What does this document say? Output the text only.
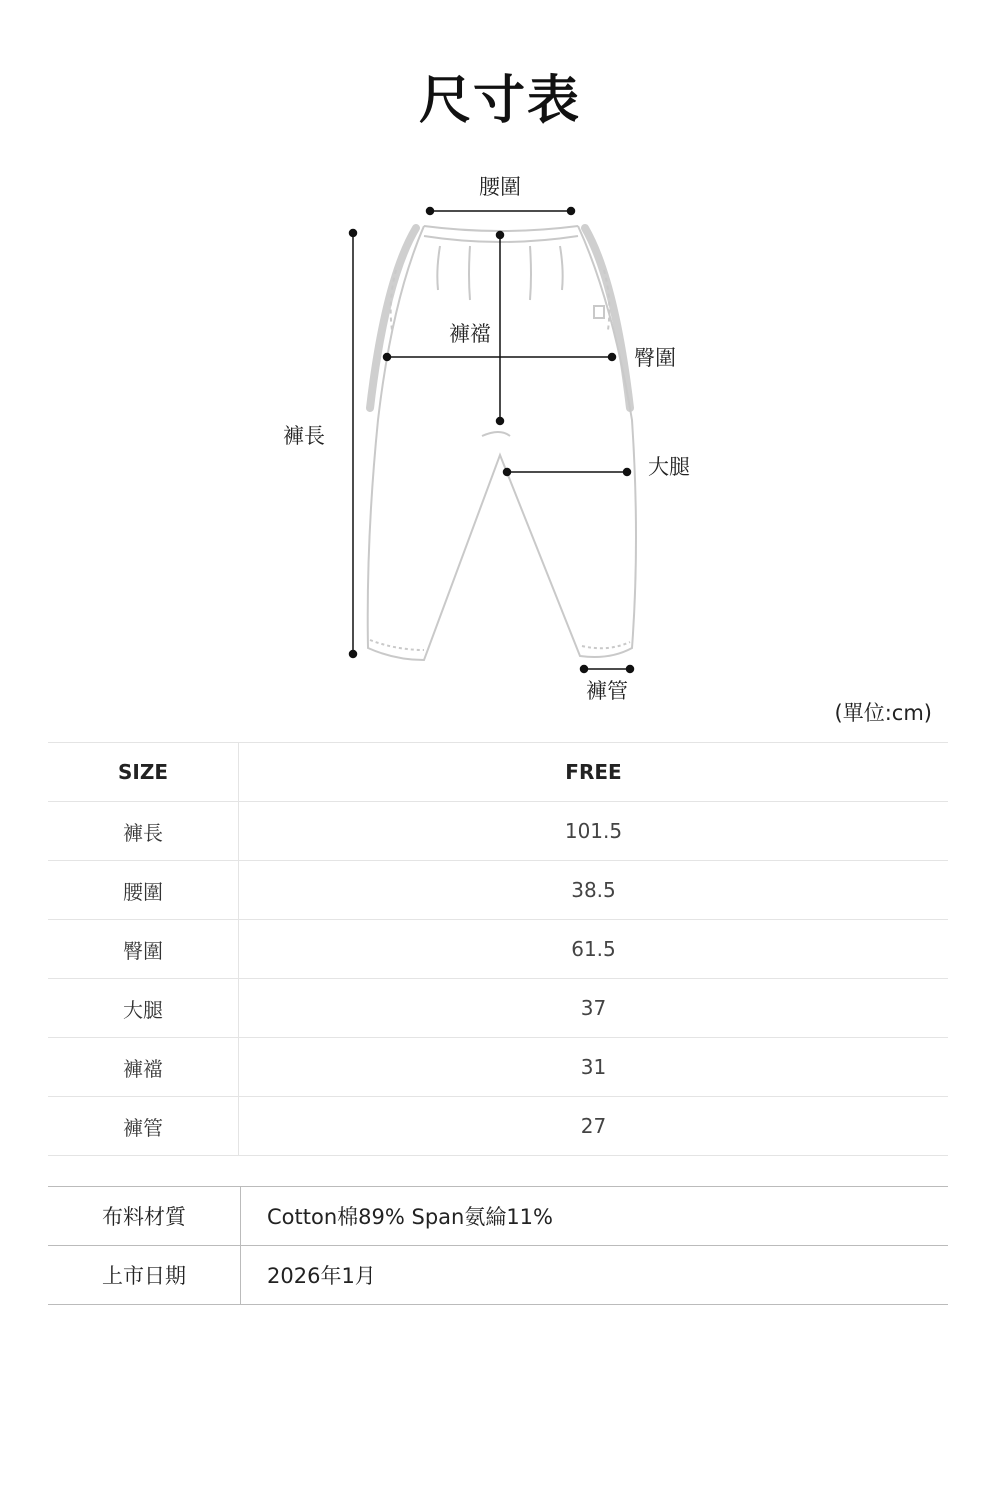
尺寸表
腰圍
褲襠
臀圍
褲長
大腿
褲管
(單位:cm)
SIZE	FREE
褲長	101.5
腰圍	38.5
臀圍	61.5
大腿	37
褲襠	31
褲管	27
布料材質	Cotton棉89% Span氨綸11%
上市日期	2026年1月
